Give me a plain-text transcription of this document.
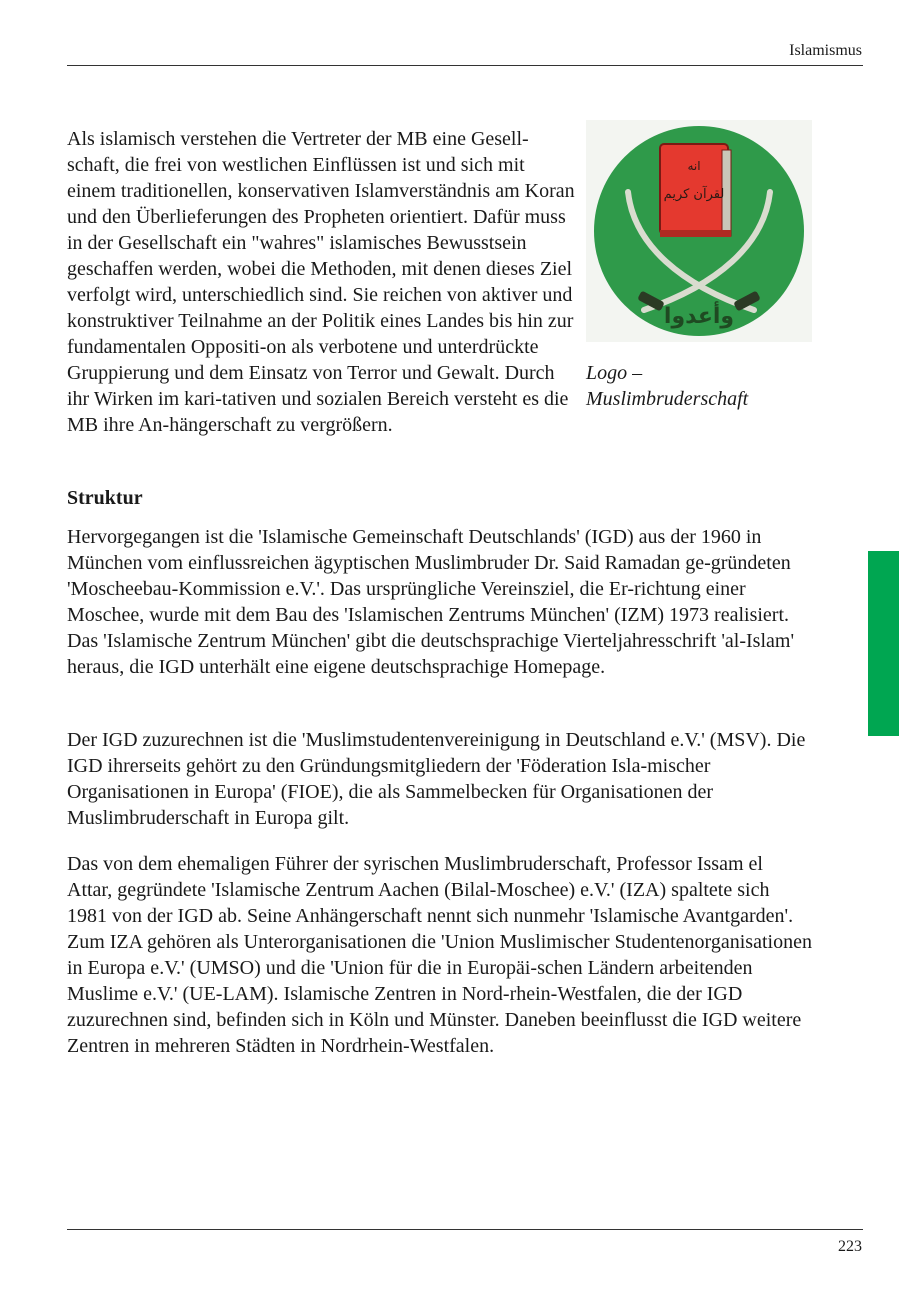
Islamismus

Als islamisch verstehen die Vertreter der MB eine Gesell-schaft, die frei von westlichen Einflüssen ist und sich mit einem traditionellen, konservativen Islamverständnis am Koran und den Überlieferungen des Propheten orientiert. Dafür muss in der Gesellschaft ein "wahres" islamisches Bewusstsein geschaffen werden, wobei die Methoden, mit denen dieses Ziel verfolgt wird, unterschiedlich sind. Sie reichen von aktiver und konstruktiver Teilnahme an der Politik eines Landes bis hin zur fundamentalen Oppositi-on als verbotene und unterdrückte Gruppierung und dem Einsatz von Terror und Gewalt. Durch ihr Wirken im kari-tativen und sozialen Bereich versteht es die MB ihre An-hängerschaft zu vergrößern.

انه
لقرآن كريم
وأعدوا

Logo –
Muslimbruderschaft

Struktur

Hervorgegangen ist die 'Islamische Gemeinschaft Deutschlands' (IGD) aus der 1960 in München vom einflussreichen ägyptischen Muslimbruder Dr. Said Ramadan ge-gründeten 'Moscheebau-Kommission e.V.'. Das ursprüngliche Vereinsziel, die Er-richtung einer Moschee, wurde mit dem Bau des 'Islamischen Zentrums München' (IZM) 1973 realisiert. Das 'Islamische Zentrum München' gibt die deutschsprachige Vierteljahresschrift 'al-Islam' heraus, die IGD unterhält eine eigene deutschsprachige Homepage.

Der IGD zuzurechnen ist die 'Muslimstudentenvereinigung in Deutschland e.V.' (MSV). Die IGD ihrerseits gehört zu den Gründungsmitgliedern der 'Föderation Isla-mischer Organisationen in Europa' (FIOE), die als Sammelbecken für Organisationen der Muslimbruderschaft in Europa gilt.

Das von dem ehemaligen Führer der syrischen Muslimbruderschaft, Professor Issam el Attar, gegründete 'Islamische Zentrum Aachen (Bilal-Moschee) e.V.' (IZA) spaltete sich 1981 von der IGD ab. Seine Anhängerschaft nennt sich nunmehr 'Islamische Avantgarden'. Zum IZA gehören als Unterorganisationen die 'Union Muslimischer Studentenorganisationen in Europa e.V.' (UMSO) und die 'Union für die in Europäi-schen Ländern arbeitenden Muslime e.V.' (UE-LAM). Islamische Zentren in Nord-rhein-Westfalen, die der IGD zuzurechnen sind, befinden sich in Köln und Münster. Daneben beeinflusst die IGD weitere Zentren in mehreren Städten in Nordrhein-Westfalen.

223
